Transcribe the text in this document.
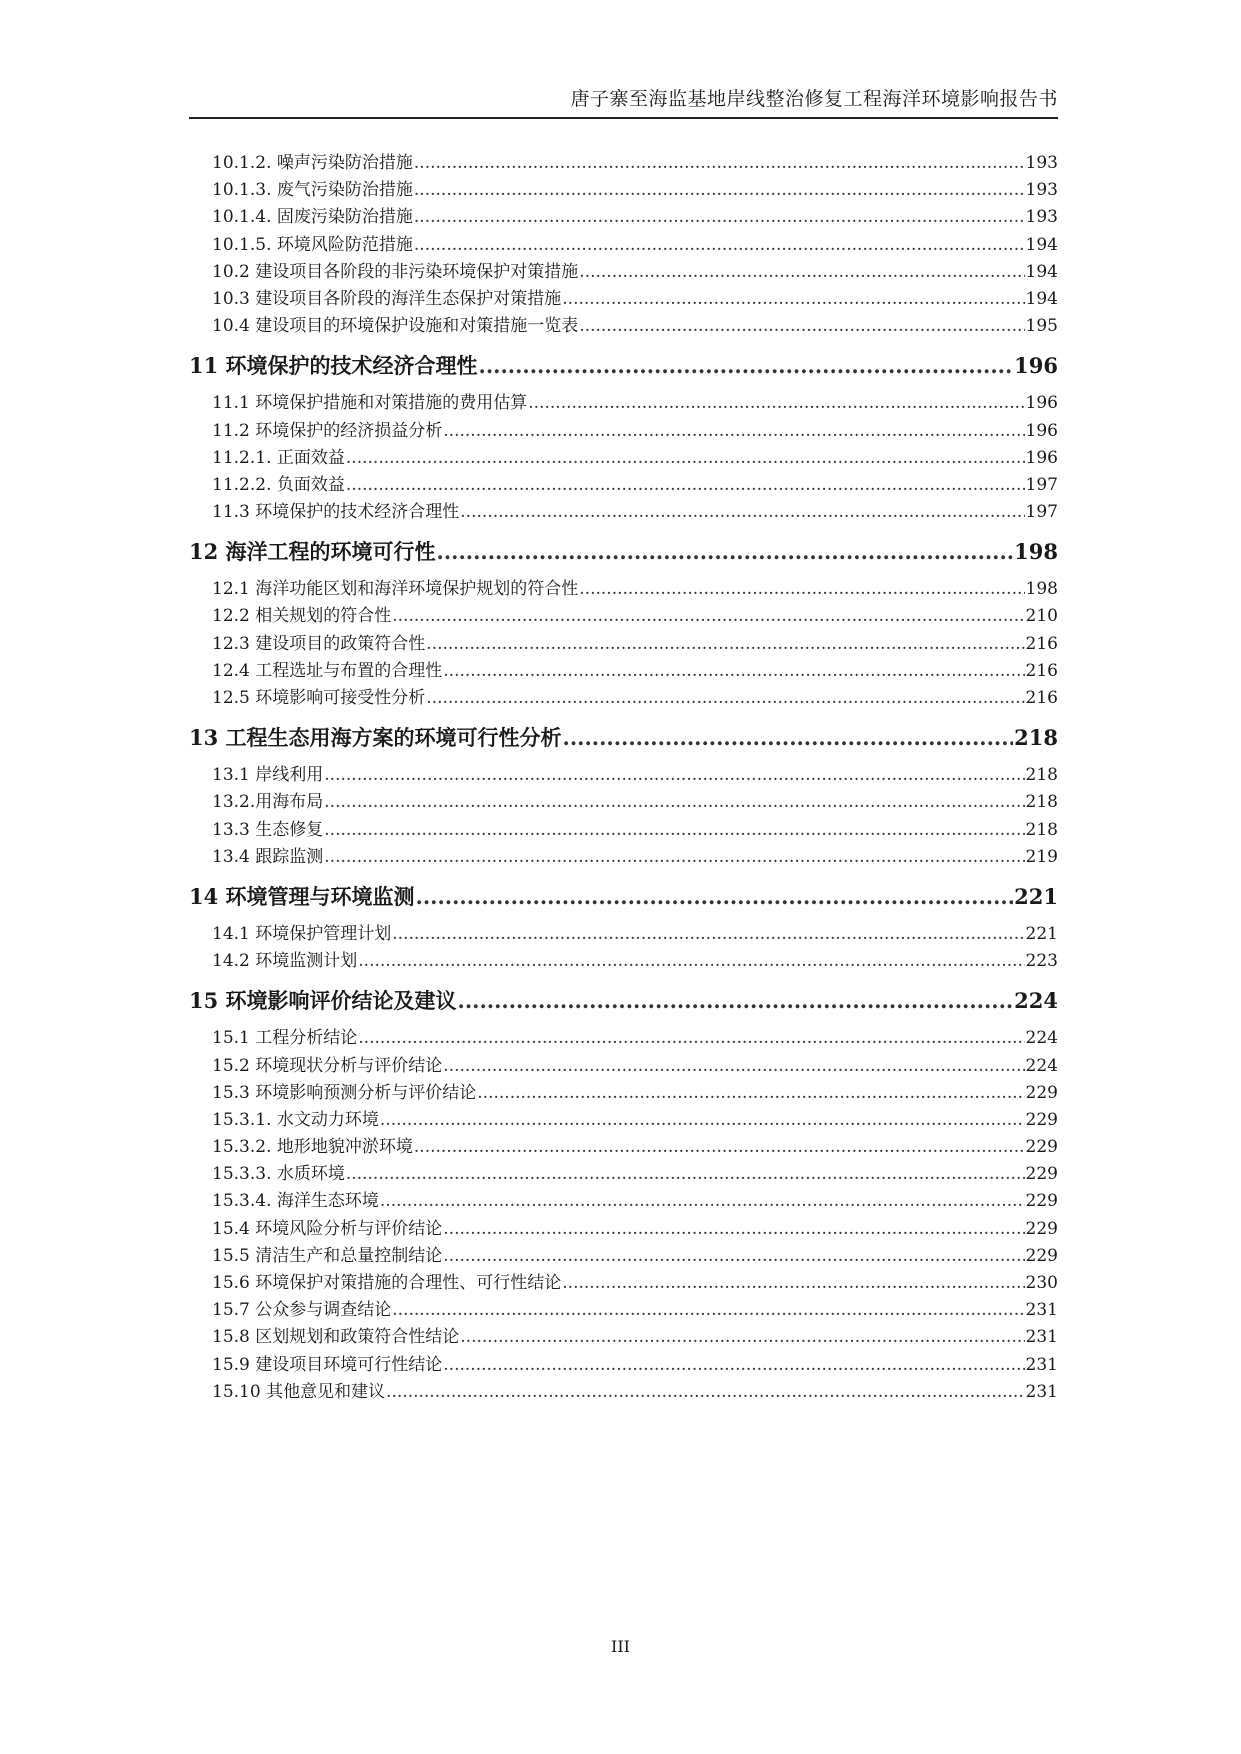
唐子寨至海监基地岸线整治修复工程海洋环境影响报告书
10.1.2. 噪声污染防治措施 .....	193
10.1.3. 废气污染防治措施 .....	193
10.1.4. 固废污染防治措施 .....	193
10.1.5. 环境风险防范措施 .....	194
10.2 建设项目各阶段的非污染环境保护对策措施 .....	194
10.3 建设项目各阶段的海洋生态保护对策措施 .....	194
10.4 建设项目的环境保护设施和对策措施一览表 .....	195
11 环境保护的技术经济合理性 .....	196
11.1 环境保护措施和对策措施的费用估算 .....	196
11.2 环境保护的经济损益分析 .....	196
11.2.1. 正面效益 .....	196
11.2.2. 负面效益 .....	197
11.3 环境保护的技术经济合理性 .....	197
12 海洋工程的环境可行性 .....	198
12.1 海洋功能区划和海洋环境保护规划的符合性 .....	198
12.2 相关规划的符合性 .....	210
12.3 建设项目的政策符合性 .....	216
12.4 工程选址与布置的合理性 .....	216
12.5 环境影响可接受性分析 .....	216
13 工程生态用海方案的环境可行性分析 .....	218
13.1 岸线利用 .....	218
13.2.用海布局 .....	218
13.3 生态修复 .....	218
13.4 跟踪监测 .....	219
14 环境管理与环境监测 .....	221
14.1 环境保护管理计划 .....	221
14.2 环境监测计划 .....	223
15 环境影响评价结论及建议 .....	224
15.1 工程分析结论 .....	224
15.2 环境现状分析与评价结论 .....	224
15.3 环境影响预测分析与评价结论 .....	229
15.3.1. 水文动力环境 .....	229
15.3.2. 地形地貌冲淤环境 .....	229
15.3.3. 水质环境 .....	229
15.3.4. 海洋生态环境 .....	229
15.4 环境风险分析与评价结论 .....	229
15.5 清洁生产和总量控制结论 .....	229
15.6 环境保护对策措施的合理性、可行性结论 .....	230
15.7 公众参与调查结论 .....	231
15.8 区划规划和政策符合性结论 .....	231
15.9 建设项目环境可行性结论 .....	231
15.10 其他意见和建议 .....	231
III
